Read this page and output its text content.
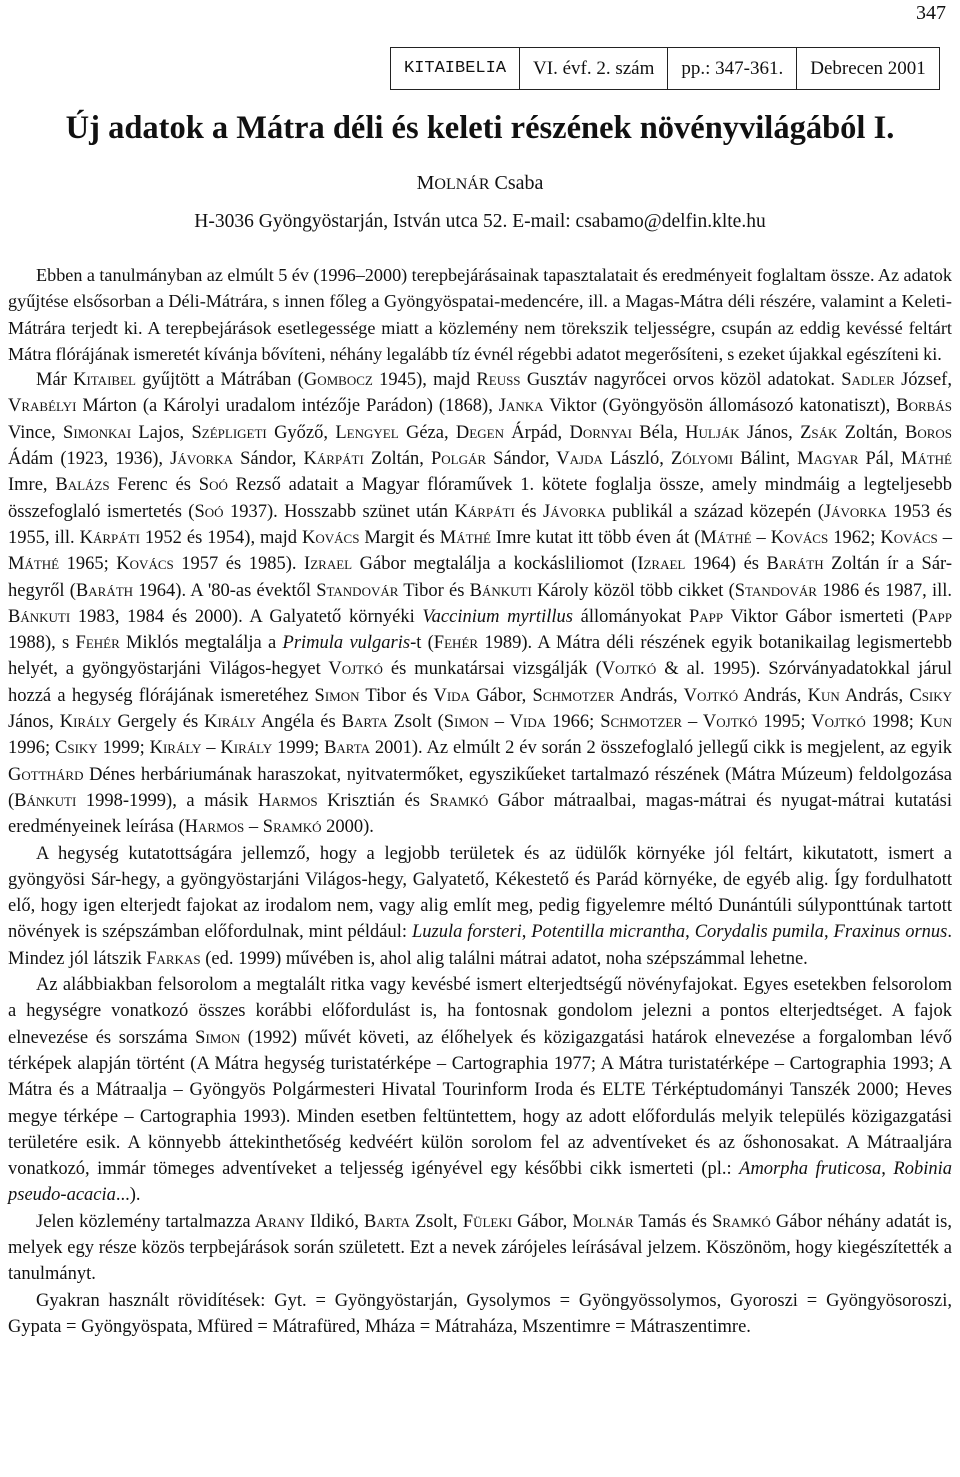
347
KITAIBELIA	VI. évf. 2. szám	pp.: 347-361.	Debrecen 2001
Új adatok a Mátra déli és keleti részének növényvilágából I.
MOLNÁR Csaba
H-3036 Gyöngyöstarján, István utca 52. E-mail: csabamo@delfin.klte.hu
Ebben a tanulmányban az elmúlt 5 év (1996–2000) terepbejárásainak tapasztalatait és eredményeit foglaltam össze. Az adatok gyűjtése elsősorban a Déli-Mátrára, s innen főleg a Gyöngyöspatai-medencére, ill. a Magas-Mátra déli részére, valamint a Keleti-Mátrára terjedt ki. A terepbejárások esetlegessége miatt a közlemény nem törekszik teljességre, csupán az eddig kevéssé feltárt Mátra flórájának ismeretét kívánja bővíteni, néhány legalább tíz évnél régebbi adatot megerősíteni, s ezeket újakkal egészíteni ki.

Már Kitaibel gyűjtött a Mátrában (Gombocz 1945), majd Reuss Gusztáv nagyrőcei orvos közöl adatokat. Sadler József, Vrabélyi Márton (a Károlyi uradalom intézője Parádon) (1868), Janka Viktor (Gyöngyösön állomásozó katonatiszt), Borbás Vince, Simonkai Lajos, Szépligeti Győző, Lengyel Géza, Degen Árpád, Dornyai Béla, Hulják János, Zsák Zoltán, Boros Ádám (1923, 1936), Jávorka Sándor, Kárpáti Zoltán, Polgár Sándor, Vajda László, Zólyomi Bálint, Magyar Pál, Máthé Imre, Balázs Ferenc és Soó Rezső adatait a Magyar flóraművek 1. kötete foglalja össze, amely mindmáig a legteljesebb összefoglaló ismertetés (Soó 1937). Hosszabb szünet után Kárpáti és Jávorka publikál a század közepén (Jávorka 1953 és 1955, ill. Kárpáti 1952 és 1954), majd Kovács Margit és Máthé Imre kutat itt több éven át (Máthé – Kovács 1962; Kovács – Máthé 1965; Kovács 1957 és 1985). Izrael Gábor megtalálja a kockásliliomot (Izrael 1964) és Baráth Zoltán ír a Sár-hegyről (Baráth 1964). A '80-as évektől Standovár Tibor és Bánkuti Károly közöl több cikket (Standovár 1986 és 1987, ill. Bánkuti 1983, 1984 és 2000). A Galyatető környéki Vaccinium myrtillus állományokat Papp Viktor Gábor ismerteti (Papp 1988), s Fehér Miklós megtalálja a Primula vulgaris-t (Fehér 1989). A Mátra déli részének egyik botanikailag legismertebb helyét, a gyöngyöstarjáni Világos-hegyet Vojtkó és munkatársai vizsgálják (Vojtkó & al. 1995). Szórványadatokkal járul hozzá a hegység flórájának ismeretéhez Simon Tibor és Vida Gábor, Schmotzer András, Vojtkó András, Kun András, Csiky János, Király Gergely és Király Angéla és Barta Zsolt (Simon – Vida 1966; Schmotzer – Vojtkó 1995; Vojtkó 1998; Kun 1996; Csiky 1999; Király – Király 1999; Barta 2001). Az elmúlt 2 év során 2 összefoglaló jellegű cikk is megjelent, az egyik Gotthárd Dénes herbáriumának haraszokat, nyitvatermőket, egyszikűeket tartalmazó részének (Mátra Múzeum) feldolgozása (Bánkuti 1998-1999), a másik Harmos Krisztián és Sramkó Gábor mátraalbai, magas-mátrai és nyugat-mátrai kutatási eredményeinek leírása (Harmos – Sramkó 2000).

A hegység kutatottságára jellemző, hogy a legjobb területek és az üdülők környéke jól feltárt, kikutatott, ismert a gyöngyösi Sár-hegy, a gyöngyöstarjáni Világos-hegy, Galyatető, Kékestető és Parád környéke, de egyéb alig. Így fordulhatott elő, hogy igen elterjedt fajokat az irodalom nem, vagy alig említ meg, pedig figyelemre méltó Dunántúli súlyponttúnak tartott növények is szépszámban előfordulnak, mint például: Luzula forsteri, Potentilla micrantha, Corydalis pumila, Fraxinus ornus. Mindez jól látszik Farkas (ed. 1999) művében is, ahol alig találni mátrai adatot, noha szépszámmal lehetne.

Az alábbiakban felsorolom a megtalált ritka vagy kevésbé ismert elterjedtségű növényfajokat. Egyes esetekben felsorolom a hegységre vonatkozó összes korábbi előfordulást is, ha fontosnak gondolom jelezni a pontos elterjedtséget. A fajok elnevezése és sorszáma Simon (1992) művét követi, az élőhelyek és közigazgatási határok elnevezése a forgalomban lévő térképek alapján történt (A Mátra hegység turistatérképe – Cartographia 1977; A Mátra turistatérképe – Cartographia 1993; A Mátra és a Mátraalja – Gyöngyös Polgármesteri Hivatal Tourinform Iroda és ELTE Térképtudományi Tanszék 2000; Heves megye térképe – Cartographia 1993). Minden esetben feltüntettem, hogy az adott előfordulás melyik település közigazgatási területére esik. A könnyebb áttekinthetőség kedvéért külön sorolom fel az adventíveket és az őshonosakat. A Mátraaljára vonatkozó, immár tömeges adventíveket a teljesség igényével egy későbbi cikk ismerteti (pl.: Amorpha fruticosa, Robinia pseudo-acacia...).

Jelen közlemény tartalmazza Arany Ildikó, Barta Zsolt, Füleki Gábor, Molnár Tamás és Sramkó Gábor néhány adatát is, melyek egy része közös terpbejárások során született. Ezt a nevek zárójeles leírásával jelzem. Köszönöm, hogy kiegészítették a tanulmányt.

Gyakran használt rövidítések: Gyt. = Gyöngyöstarján, Gysolymos = Gyöngyössolymos, Gyoroszi = Gyöngyösoroszi, Gypata = Gyöngyöspata, Mfüred = Mátrafüred, Mháza = Mátraháza, Mszentimre = Mátraszentimre.
